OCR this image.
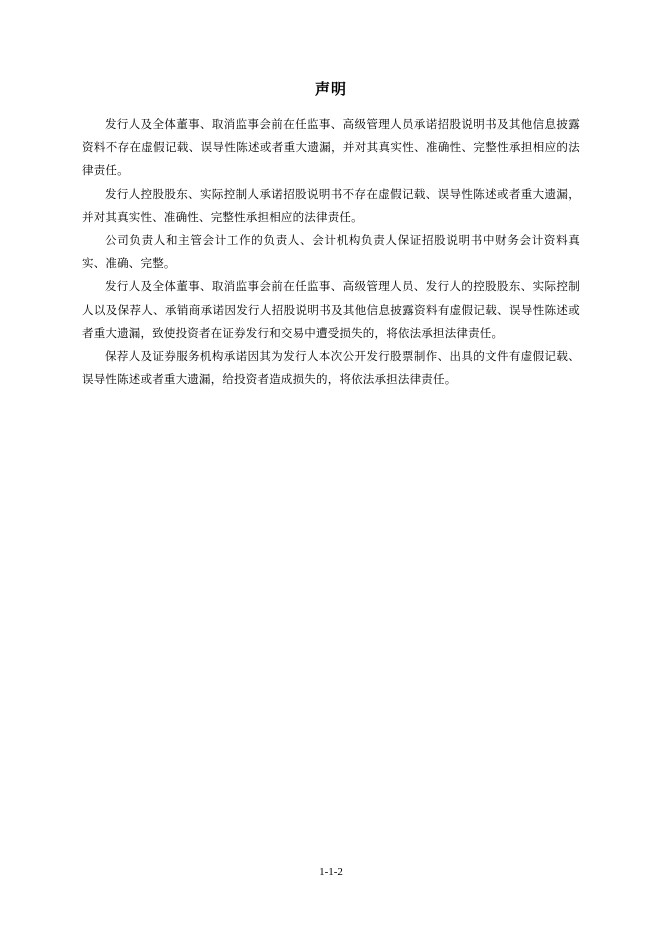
声明

发行人及全体董事、取消监事会前在任监事、高级管理人员承诺招股说明书及其他信息披露资料不存在虚假记载、误导性陈述或者重大遗漏，并对其真实性、准确性、完整性承担相应的法律责任。

发行人控股股东、实际控制人承诺招股说明书不存在虚假记载、误导性陈述或者重大遗漏，并对其真实性、准确性、完整性承担相应的法律责任。

公司负责人和主管会计工作的负责人、会计机构负责人保证招股说明书中财务会计资料真实、准确、完整。

发行人及全体董事、取消监事会前在任监事、高级管理人员、发行人的控股股东、实际控制人以及保荐人、承销商承诺因发行人招股说明书及其他信息披露资料有虚假记载、误导性陈述或者重大遗漏，致使投资者在证券发行和交易中遭受损失的，将依法承担法律责任。

保荐人及证券服务机构承诺因其为发行人本次公开发行股票制作、出具的文件有虚假记载、误导性陈述或者重大遗漏，给投资者造成损失的，将依法承担法律责任。

1-1-2
